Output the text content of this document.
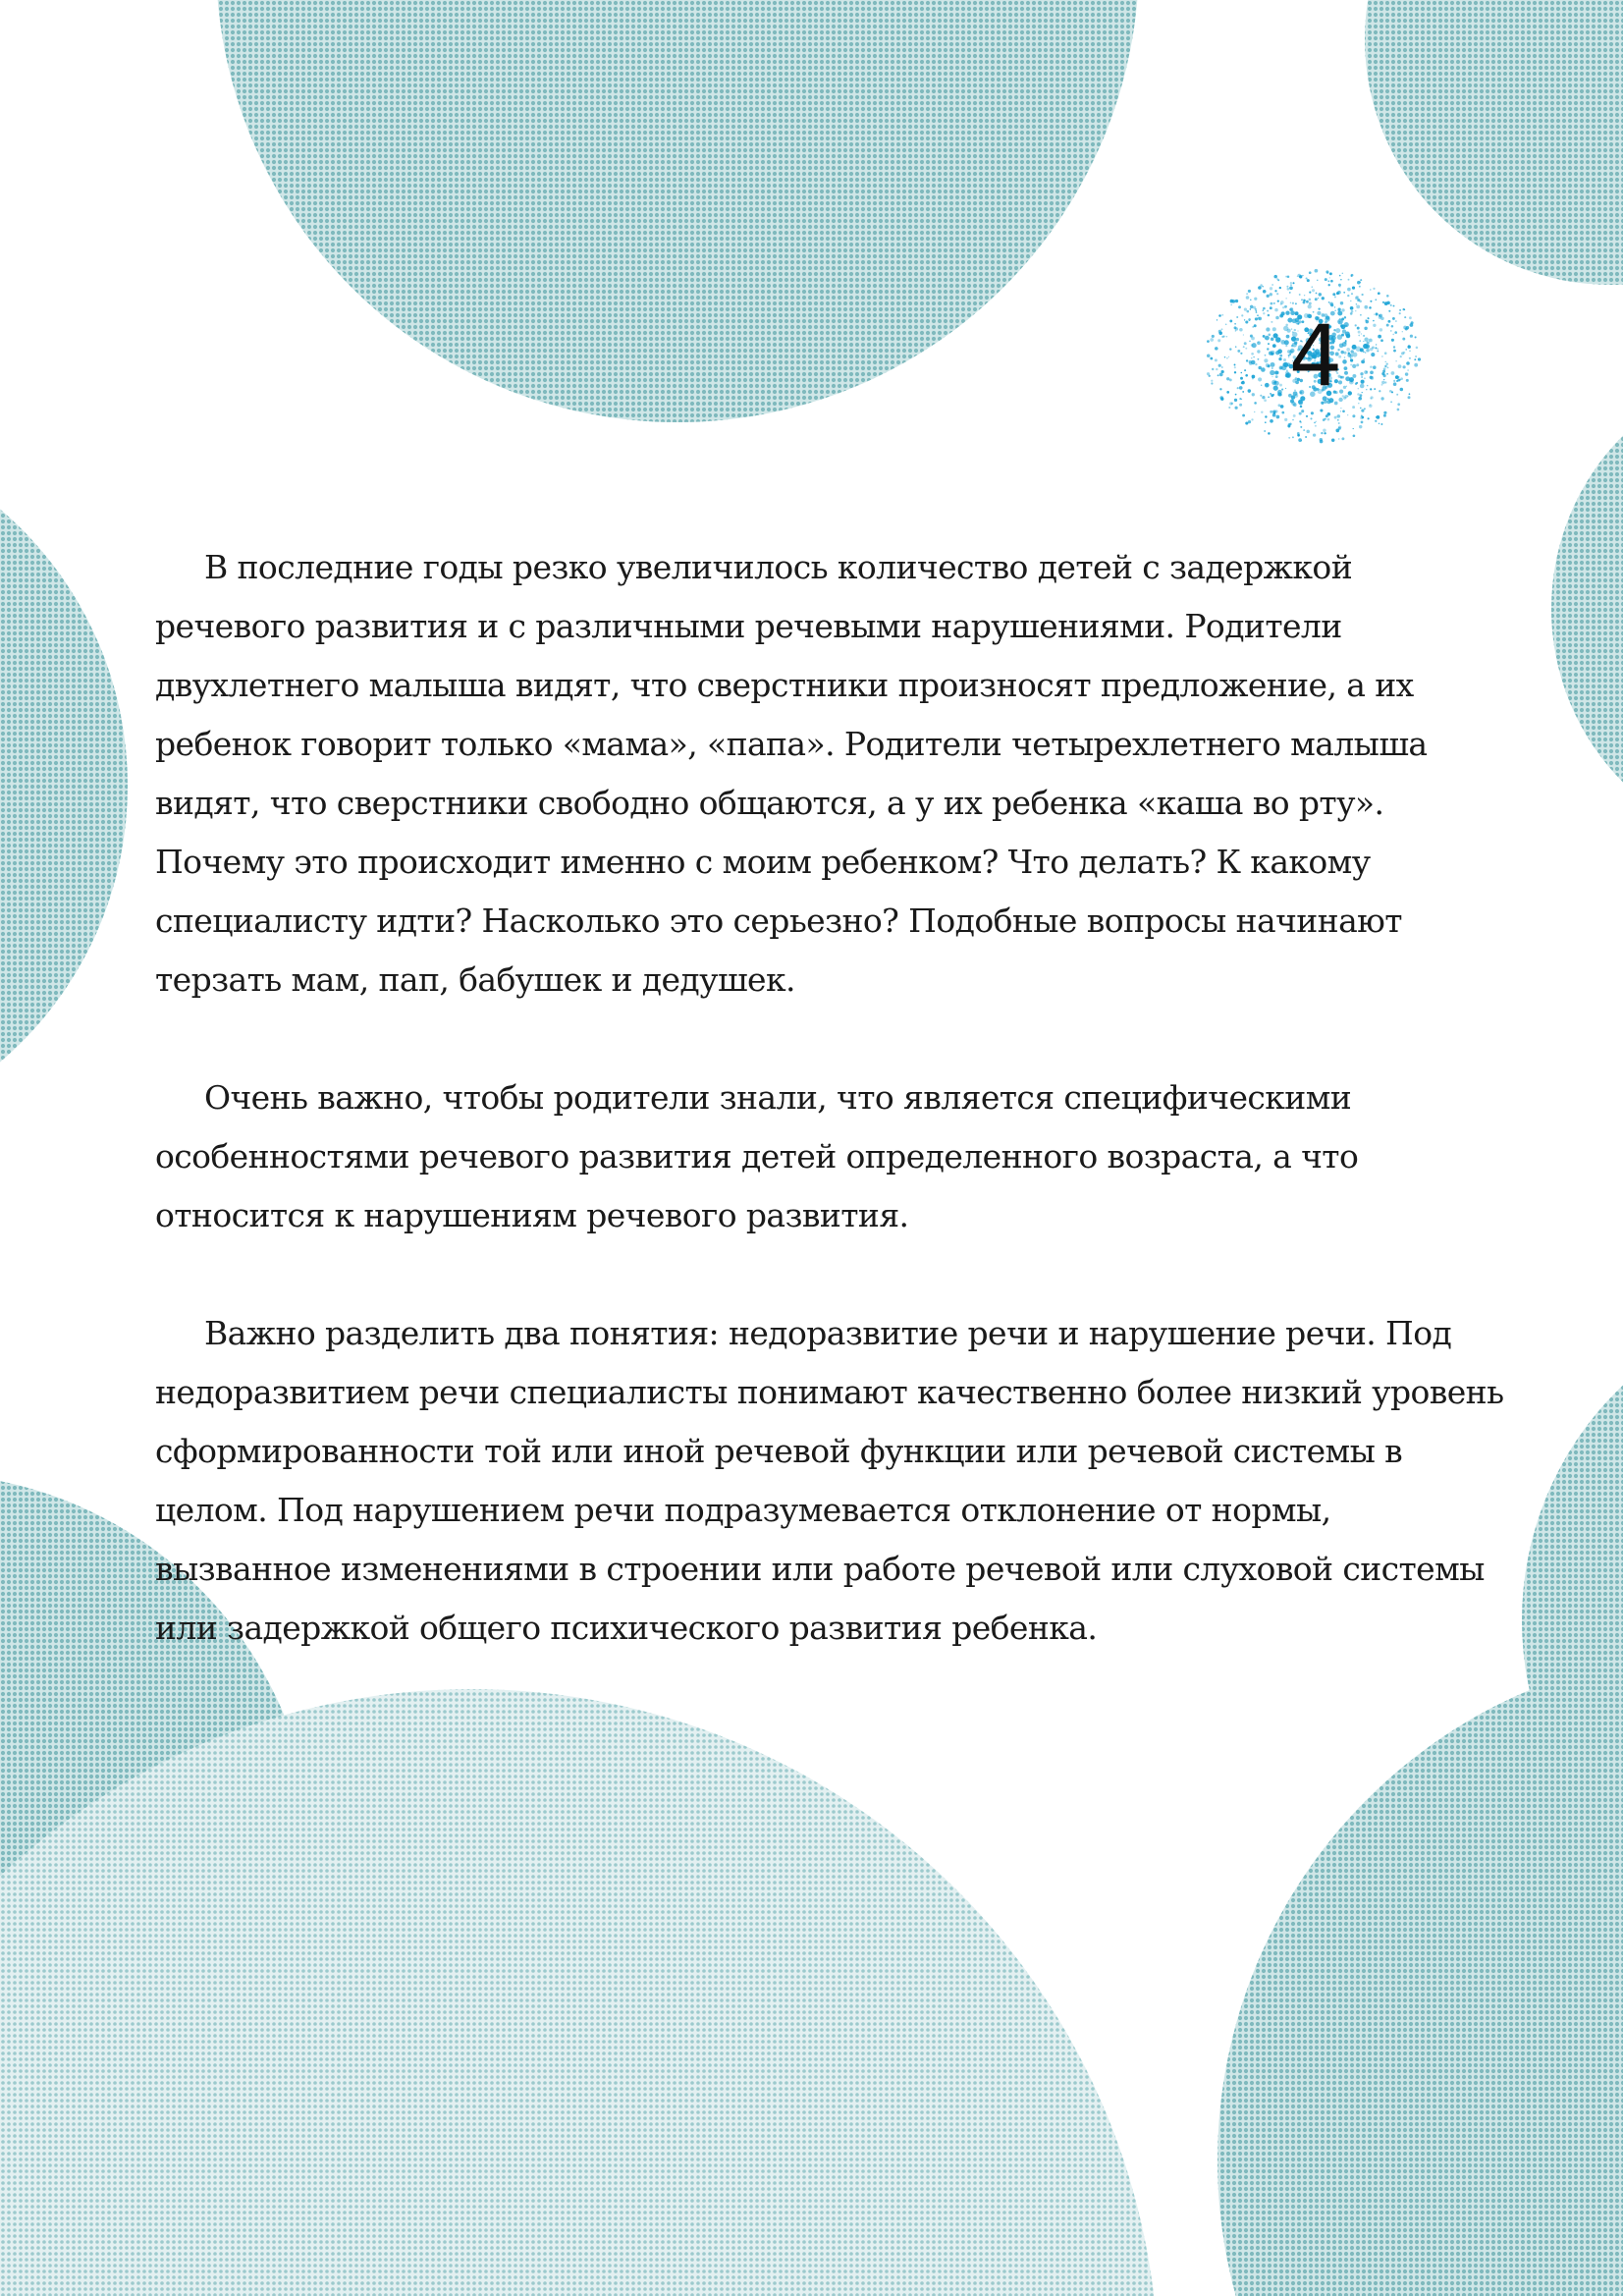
4

В последние годы резко увеличилось количество детей с задержкой речевого развития и с различными речевыми нарушениями. Родители двухлетнего малыша видят, что сверстники произносят предложение, а их ребенок говорит только «мама», «папа». Родители четырехлетнего малыша видят, что сверстники свободно общаются, а у их ребенка «каша во рту». Почему это происходит именно с моим ребенком? Что делать? К какому специалисту идти? Насколько это серьезно? Подобные вопросы начинают терзать мам, пап, бабушек и дедушек.

Очень важно, чтобы родители знали, что является специфическими особенностями речевого развития детей определенного возраста, а что относится к нарушениям речевого развития.

Важно разделить два понятия: недоразвитие речи и нарушение речи. Под недоразвитием речи специалисты понимают качественно более низкий уровень сформированности той или иной речевой функции или речевой системы в целом. Под нарушением речи подразумевается отклонение от нормы, вызванное изменениями в строении или работе речевой или слуховой системы или задержкой общего психического развития ребенка.
